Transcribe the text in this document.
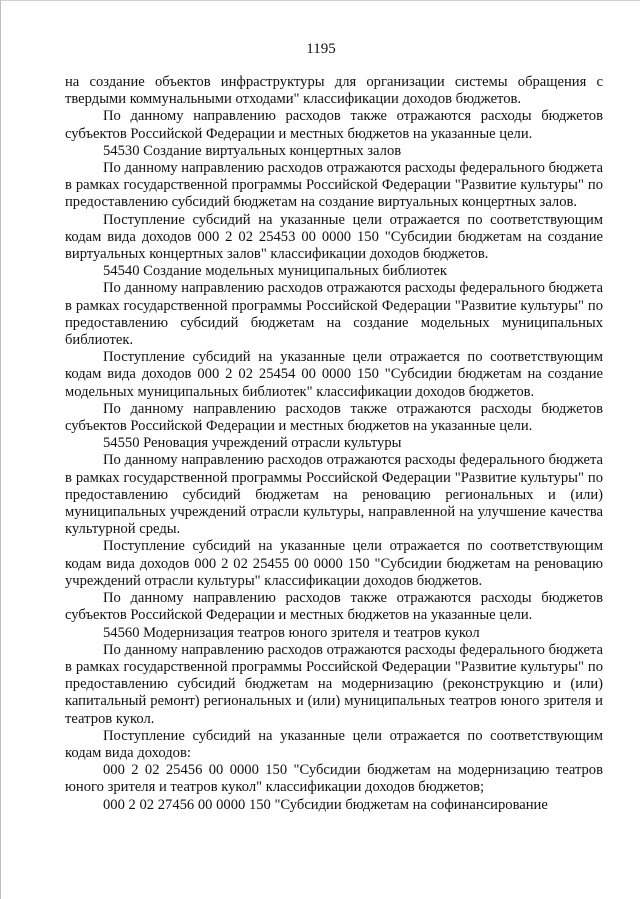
1195

на создание объектов инфраструктуры для организации системы обращения с твердыми коммунальными отходами" классификации доходов бюджетов.

По данному направлению расходов также отражаются расходы бюджетов субъектов Российской Федерации и местных бюджетов на указанные цели.

54530 Создание виртуальных концертных залов

По данному направлению расходов отражаются расходы федерального бюджета в рамках государственной программы Российской Федерации "Развитие культуры" по предоставлению субсидий бюджетам на создание виртуальных концертных залов.

Поступление субсидий на указанные цели отражается по соответствующим кодам вида доходов 000 2 02 25453 00 0000 150 "Субсидии бюджетам на создание виртуальных концертных залов" классификации доходов бюджетов.

54540 Создание модельных муниципальных библиотек

По данному направлению расходов отражаются расходы федерального бюджета в рамках государственной программы Российской Федерации "Развитие культуры" по предоставлению субсидий бюджетам на создание модельных муниципальных библиотек.

Поступление субсидий на указанные цели отражается по соответствующим кодам вида доходов 000 2 02 25454 00 0000 150 "Субсидии бюджетам на создание модельных муниципальных библиотек" классификации доходов бюджетов.

По данному направлению расходов также отражаются расходы бюджетов субъектов Российской Федерации и местных бюджетов на указанные цели.

54550 Реновация учреждений отрасли культуры

По данному направлению расходов отражаются расходы федерального бюджета в рамках государственной программы Российской Федерации "Развитие культуры" по предоставлению субсидий бюджетам на реновацию региональных и (или) муниципальных учреждений отрасли культуры, направленной на улучшение качества культурной среды.

Поступление субсидий на указанные цели отражается по соответствующим кодам вида доходов 000 2 02 25455 00 0000 150 "Субсидии бюджетам на реновацию учреждений отрасли культуры" классификации доходов бюджетов.

По данному направлению расходов также отражаются расходы бюджетов субъектов Российской Федерации и местных бюджетов на указанные цели.

54560 Модернизация театров юного зрителя и театров кукол

По данному направлению расходов отражаются расходы федерального бюджета в рамках государственной программы Российской Федерации "Развитие культуры" по предоставлению субсидий бюджетам на модернизацию (реконструкцию и (или) капитальный ремонт) региональных и (или) муниципальных театров юного зрителя и театров кукол.

Поступление субсидий на указанные цели отражается по соответствующим кодам вида доходов:

000 2 02 25456 00 0000 150 "Субсидии бюджетам на модернизацию театров юного зрителя и театров кукол" классификации доходов бюджетов;

000 2 02 27456 00 0000 150 "Субсидии бюджетам на софинансирование
